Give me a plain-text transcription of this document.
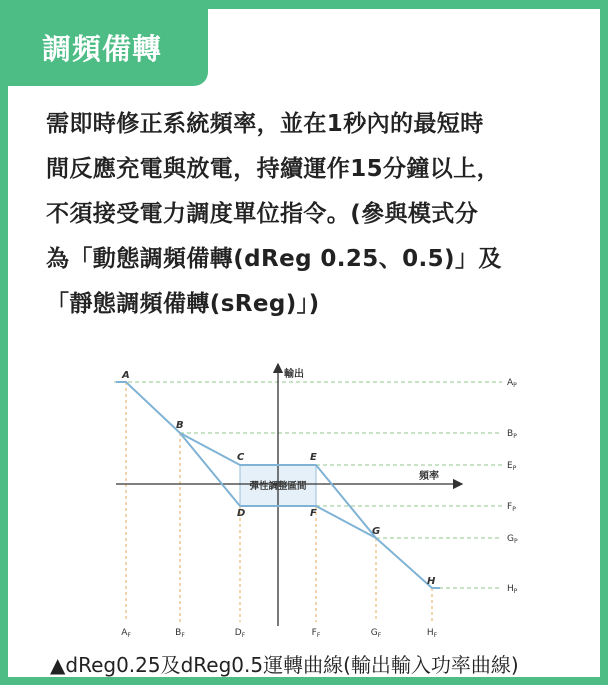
調頻備轉
需即時修正系統頻率，並在1秒內的最短時
間反應充電與放電，持續運作15分鐘以上，
不須接受電力調度單位指令。(參與模式分
為「動態調頻備轉(dReg 0.25、0.5)」及
「靜態調頻備轉(sReg)」)
彈性調整區間
輸出
頻率
A
B
C
D
E
F
G
H
$A_P$
$B_P$
$E_P$
$F_P$
$G_P$
$H_P$
$A_F$	$B_F$	$D_F$	$F_F$	$G_F$	$H_F$
▲dReg0.25及dReg0.5運轉曲線(輸出輸入功率曲線)
